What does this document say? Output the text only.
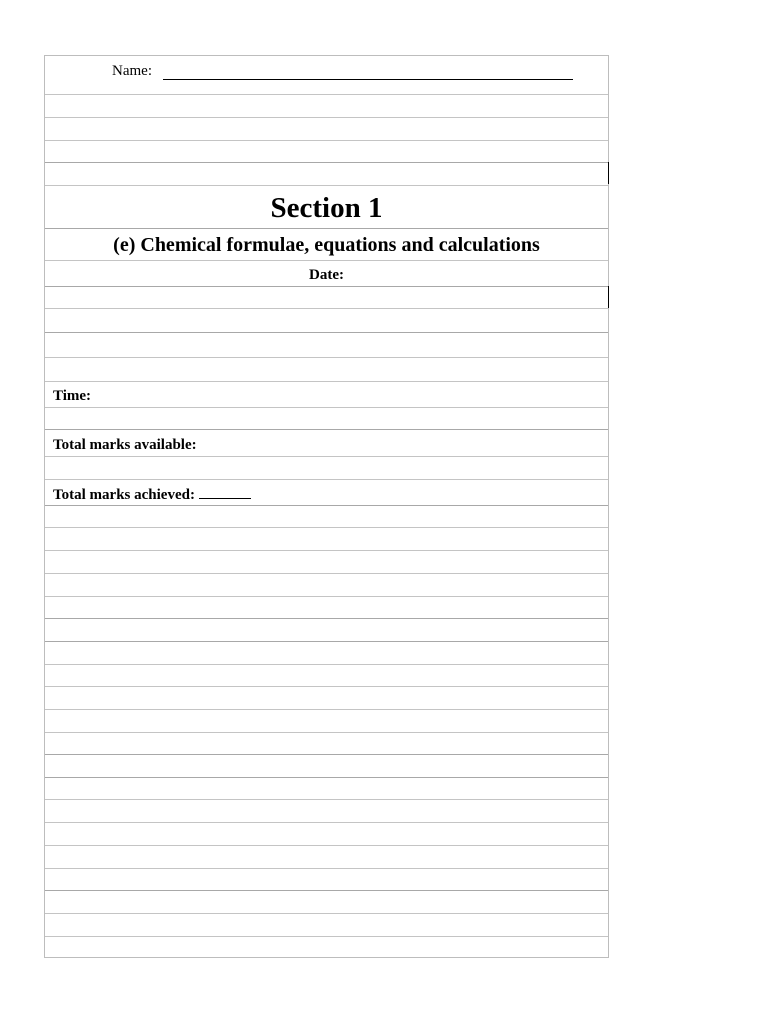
Name:
Section 1
(e) Chemical formulae, equations and calculations
Date:
Time:
Total marks available:
Total marks achieved:
